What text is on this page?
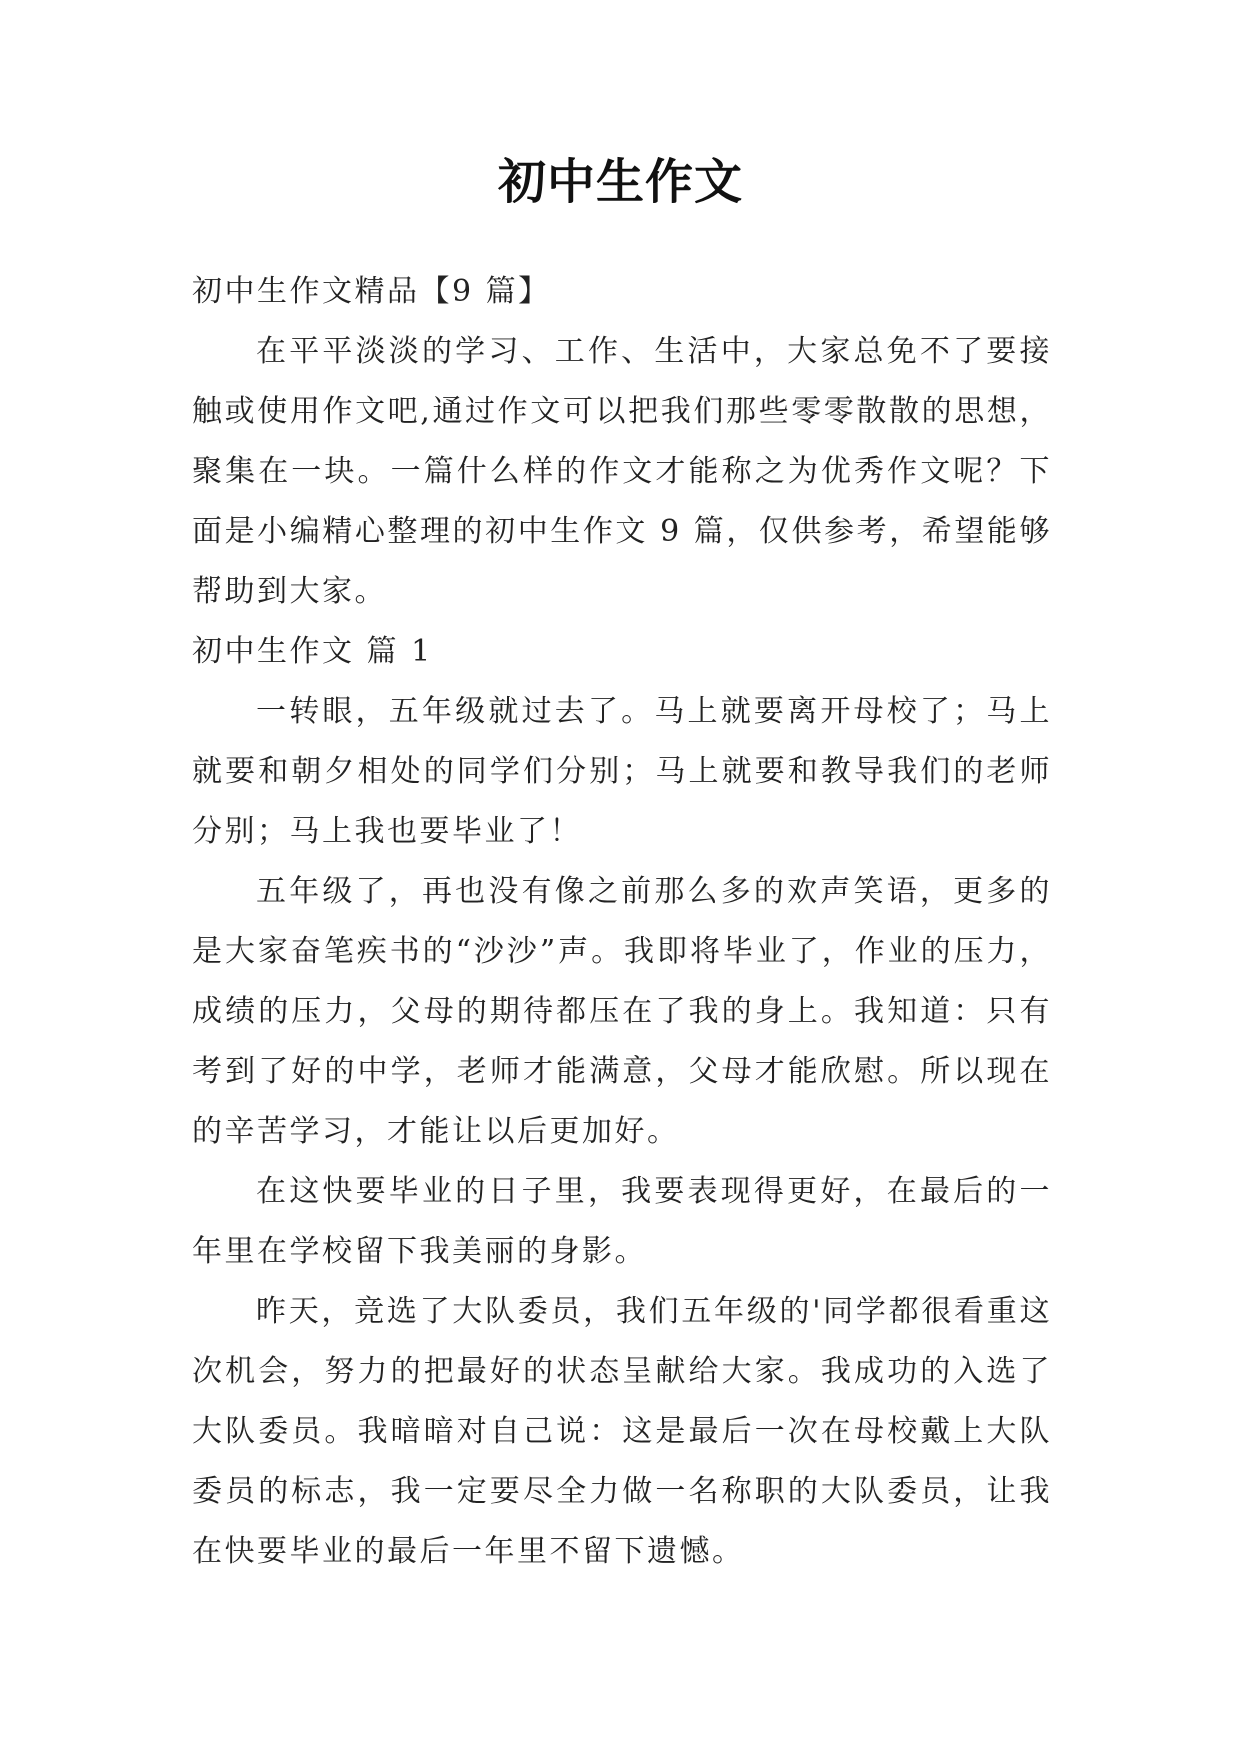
初中生作文

初中生作文精品【9 篇】

在平平淡淡的学习、工作、生活中，大家总免不了要接触或使用作文吧,通过作文可以把我们那些零零散散的思想，聚集在一块。一篇什么样的作文才能称之为优秀作文呢？下面是小编精心整理的初中生作文 9 篇，仅供参考，希望能够帮助到大家。

初中生作文 篇 1

一转眼，五年级就过去了。马上就要离开母校了；马上就要和朝夕相处的同学们分别；马上就要和教导我们的老师分别；马上我也要毕业了！

五年级了，再也没有像之前那么多的欢声笑语，更多的是大家奋笔疾书的“沙沙”声。我即将毕业了，作业的压力，成绩的压力，父母的期待都压在了我的身上。我知道：只有考到了好的中学，老师才能满意，父母才能欣慰。所以现在的辛苦学习，才能让以后更加好。

在这快要毕业的日子里，我要表现得更好，在最后的一年里在学校留下我美丽的身影。

昨天，竞选了大队委员，我们五年级的'同学都很看重这次机会，努力的把最好的状态呈献给大家。我成功的入选了大队委员。我暗暗对自己说：这是最后一次在母校戴上大队委员的标志，我一定要尽全力做一名称职的大队委员，让我在快要毕业的最后一年里不留下遗憾。
